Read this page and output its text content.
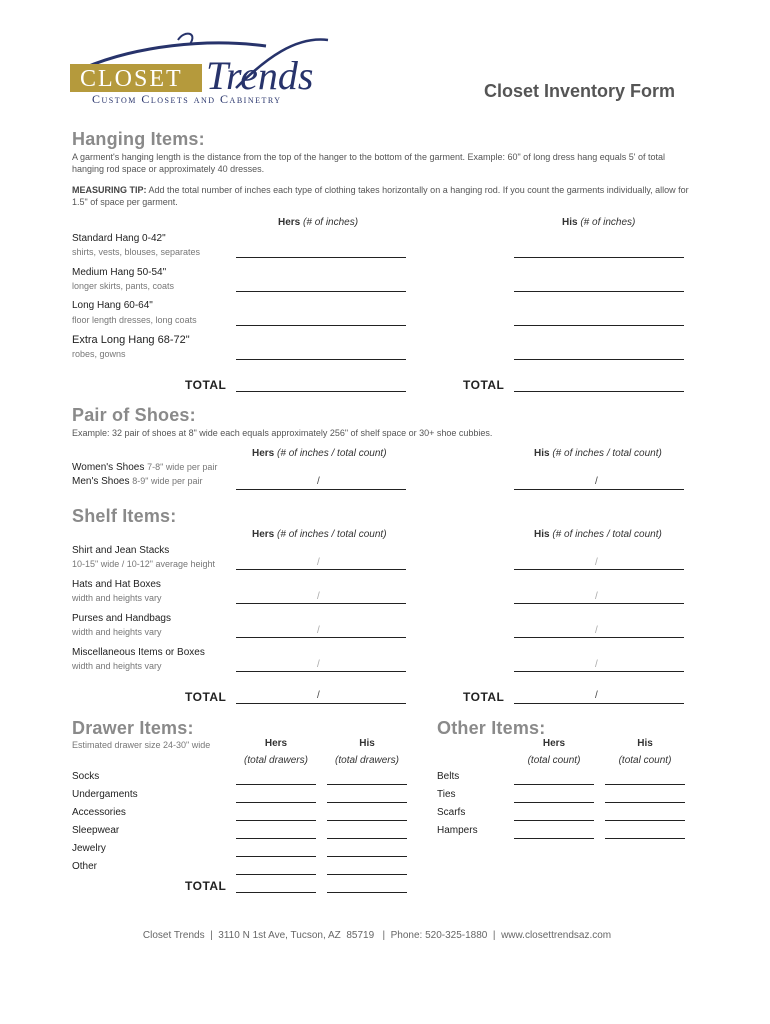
CLOSET Trends
Custom Closets and Cabinetry	Closet Inventory Form
Hanging Items:
A garment's hanging length is the distance from the top of the hanger to the bottom of the garment. Example: 60" of long dress hang equals 5' of total hanging rod space or approximately 40 dresses.
MEASURING TIP: Add the total number of inches each type of clothing takes horizontally on a hanging rod. If you count the garments individually, allow for 1.5" of space per garment.
Hers (# of inches)	His (# of inches)
Standard Hang 0-42"
shirts, vests, blouses, separates
Medium Hang 50-54"
longer skirts, pants, coats
Long Hang 60-64"
floor length dresses, long coats
Extra Long Hang 68-72"
robes, gowns
TOTAL	TOTAL
Pair of Shoes:
Example: 32 pair of shoes at 8" wide each equals approximately 256" of shelf space or 30+ shoe cubbies.
Hers (# of inches / total count)	His (# of inches / total count)
Women's Shoes 7-8" wide per pair
Men's Shoes 8-9" wide per pair	/	/
Shelf Items:
Hers (# of inches / total count)	His (# of inches / total count)
Shirt and Jean Stacks
10-15" wide / 10-12" average height	/	/
Hats and Hat Boxes
width and heights vary	/	/
Purses and Handbags
width and heights vary	/	/
Miscellaneous Items or Boxes
width and heights vary	/	/
TOTAL	/	TOTAL	/
Drawer Items:
Estimated drawer size 24-30" wide	Hers
(total drawers)
His
(total drawers)
Socks
Undergaments
Accessories
Sleepwear
Jewelry
Other
TOTAL
Other Items:
Hers
(total count)
His
(total count)
Belts
Ties
Scarfs
Hampers
Closet Trends  |  3110 N 1st Ave, Tucson, AZ  85719   |  Phone: 520-325-1880  |  www.closettrendsaz.com
